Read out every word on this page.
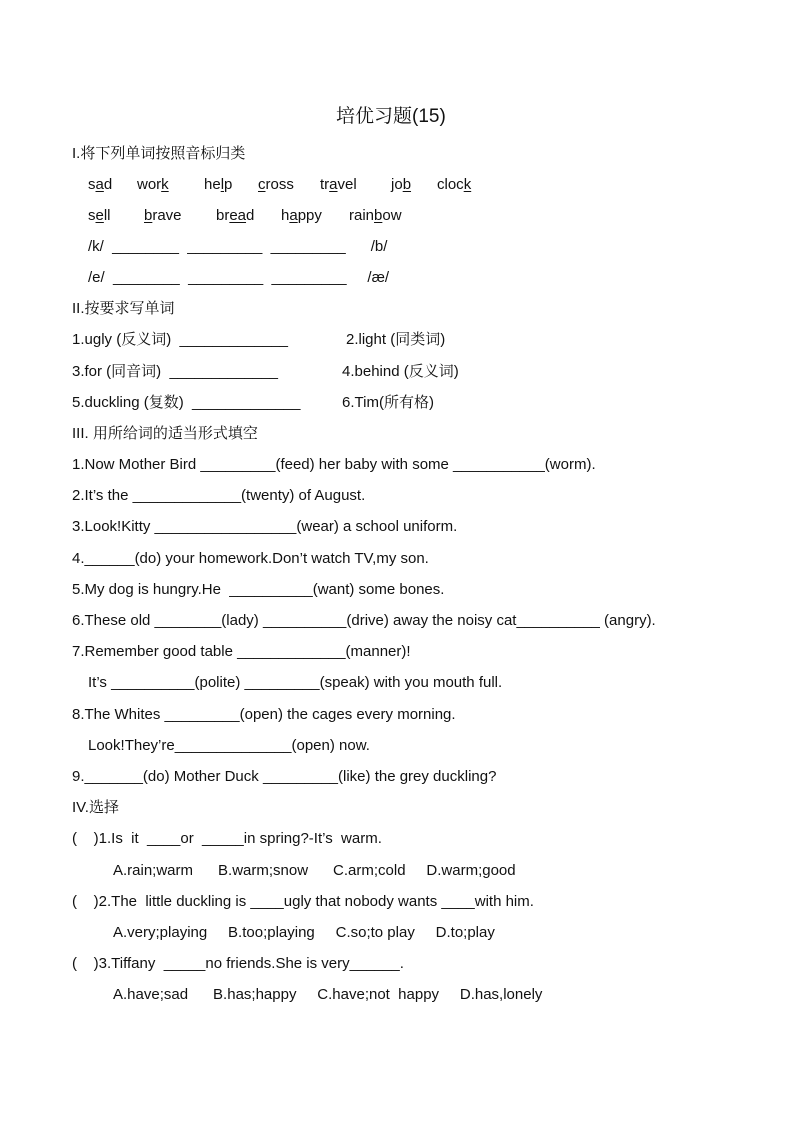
培优习题(15)
I.将下列单词按照音标归类
sad work help cross travel job clock
sell brave bread happy rainbow
/k/  ________  _________  _________      /b/
/e/  ________  _________  _________     /æ/
II.按要求写单词
1.ugly (反义词)  _____________	2.light (同类词)
3.for (同音词)  _____________	4.behind (反义词)
5.duckling (复数)  _____________	6.Tim(所有格)
III. 用所给词的适当形式填空
1.Now Mother Bird _________(feed) her baby with some ___________(worm).
2.It’s the _____________(twenty) of August.
3.Look!Kitty _________________(wear) a school uniform.
4.______(do) your homework.Don’t watch TV,my son.
5.My dog is hungry.He  __________(want) some bones.
6.These old ________(lady) __________(drive) away the noisy cat__________ (angry).
7.Remember good table _____________(manner)!
It’s __________(polite) _________(speak) with you mouth full.
8.The Whites _________(open) the cages every morning.
Look!They’re______________(open) now.
9._______(do) Mother Duck _________(like) the grey duckling?
IV.选择
(    )1.Is  it  ____or  _____in spring?-It’s  warm.
A.rain;warm      B.warm;snow      C.arm;cold     D.warm;good
(    )2.The  little duckling is ____ugly that nobody wants ____with him.
A.very;playing     B.too;playing     C.so;to play     D.to;play
(    )3.Tiffany  _____no friends.She is very______.
A.have;sad      B.has;happy     C.have;not  happy     D.has,lonely
